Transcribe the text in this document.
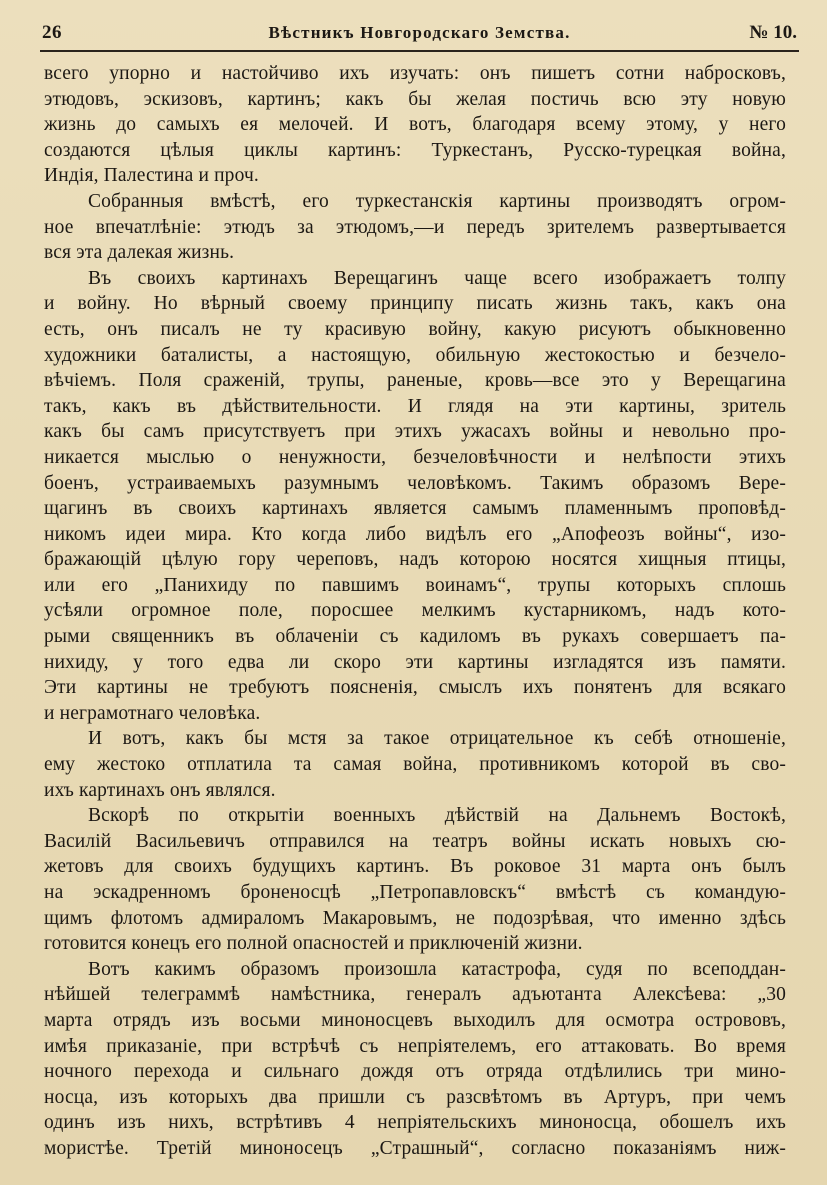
26	Вѣстникъ Новгородскаго Земства.	№ 10.
всего упорно и настойчиво ихъ изучать: онъ пишетъ сотни набросковъ,
этюдовъ, эскизовъ, картинъ; какъ бы желая постичь всю эту новую
жизнь до самыхъ ея мелочей. И вотъ, благодаря всему этому, у него
создаются цѣлыя циклы картинъ: Туркестанъ, Русско-турецкая война,
Индія, Палестина и проч.
Собранныя вмѣстѣ, его туркестанскія картины производятъ огром-
ное впечатлѣніе: этюдъ за этюдомъ,—и передъ зрителемъ развертывается
вся эта далекая жизнь.
Въ своихъ картинахъ Верещагинъ чаще всего изображаетъ толпу
и войну. Но вѣрный своему принципу писать жизнь такъ, какъ она
есть, онъ писалъ не ту красивую войну, какую рисуютъ обыкновенно
художники баталисты, а настоящую, обильную жестокостью и безчело-
вѣчіемъ. Поля сраженій, трупы, раненые, кровь—все это у Верещагина
такъ, какъ въ дѣйствительности. И глядя на эти картины, зритель
какъ бы самъ присутствуетъ при этихъ ужасахъ войны и невольно про-
никается мыслью о ненужности, безчеловѣчности и нелѣпости этихъ
боенъ, устраиваемыхъ разумнымъ человѣкомъ. Такимъ образомъ Вере-
щагинъ въ своихъ картинахъ является самымъ пламеннымъ проповѣд-
никомъ идеи мира. Кто когда либо видѣлъ его „Апофеозъ войны“, изо-
бражающій цѣлую гору череповъ, надъ которою носятся хищныя птицы,
или его „Панихиду по павшимъ воинамъ“, трупы которыхъ сплошь
усѣяли огромное поле, поросшее мелкимъ кустарникомъ, надъ кото-
рыми священникъ въ облаченіи съ кадиломъ въ рукахъ совершаетъ па-
нихиду, у того едва ли скоро эти картины изгладятся изъ памяти.
Эти картины не требуютъ поясненія, смыслъ ихъ понятенъ для всякаго
и неграмотнаго человѣка.
И вотъ, какъ бы мстя за такое отрицательное къ себѣ отношеніе,
ему жестоко отплатила та самая война, противникомъ которой въ сво-
ихъ картинахъ онъ являлся.
Вскорѣ по открытіи военныхъ дѣйствій на Дальнемъ Востокѣ,
Василій Васильевичъ отправился на театръ войны искать новыхъ сю-
жетовъ для своихъ будущихъ картинъ. Въ роковое 31 марта онъ былъ
на эскадренномъ броненосцѣ „Петропавловскъ“ вмѣстѣ съ командую-
щимъ флотомъ адмираломъ Макаровымъ, не подозрѣвая, что именно здѣсь
готовится конецъ его полной опасностей и приключеній жизни.
Вотъ какимъ образомъ произошла катастрофа, судя по всеподдан-
нѣйшей телеграммѣ намѣстника, генералъ адъютанта Алексѣева: „30
марта отрядъ изъ восьми миноносцевъ выходилъ для осмотра острововъ,
имѣя приказаніе, при встрѣчѣ съ непріятелемъ, его аттаковать. Во время
ночного перехода и сильнаго дождя отъ отряда отдѣлились три мино-
носца, изъ которыхъ два пришли съ разсвѣтомъ въ Артуръ, при чемъ
одинъ изъ нихъ, встрѣтивъ 4 непріятельскихъ миноносца, обошелъ ихъ
мористѣе. Третій миноносецъ „Страшный“, согласно показаніямъ ниж-
